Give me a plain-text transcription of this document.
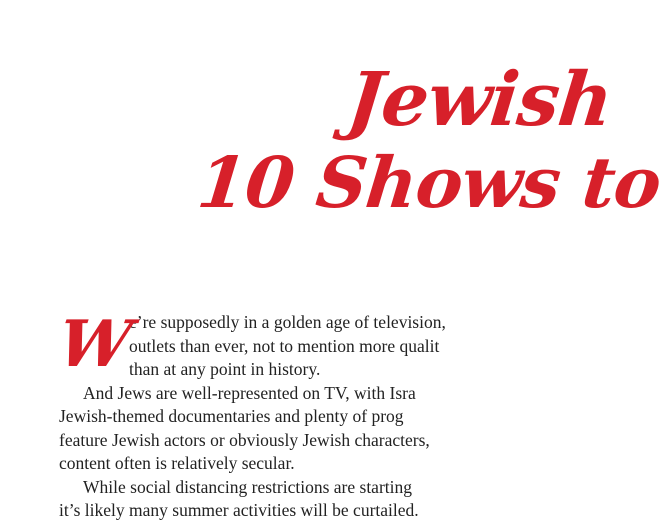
Jewish
10 Shows to
W
e’re supposedly in a golden age of television,
outlets than ever, not to mention more qualit
than at any point in history.
And Jews are well-represented on TV, with Isra
Jewish-themed documentaries and plenty of prog
feature Jewish actors or obviously Jewish characters,
content often is relatively secular.
While social distancing restrictions are starting
it’s likely many summer activities will be curtailed.
